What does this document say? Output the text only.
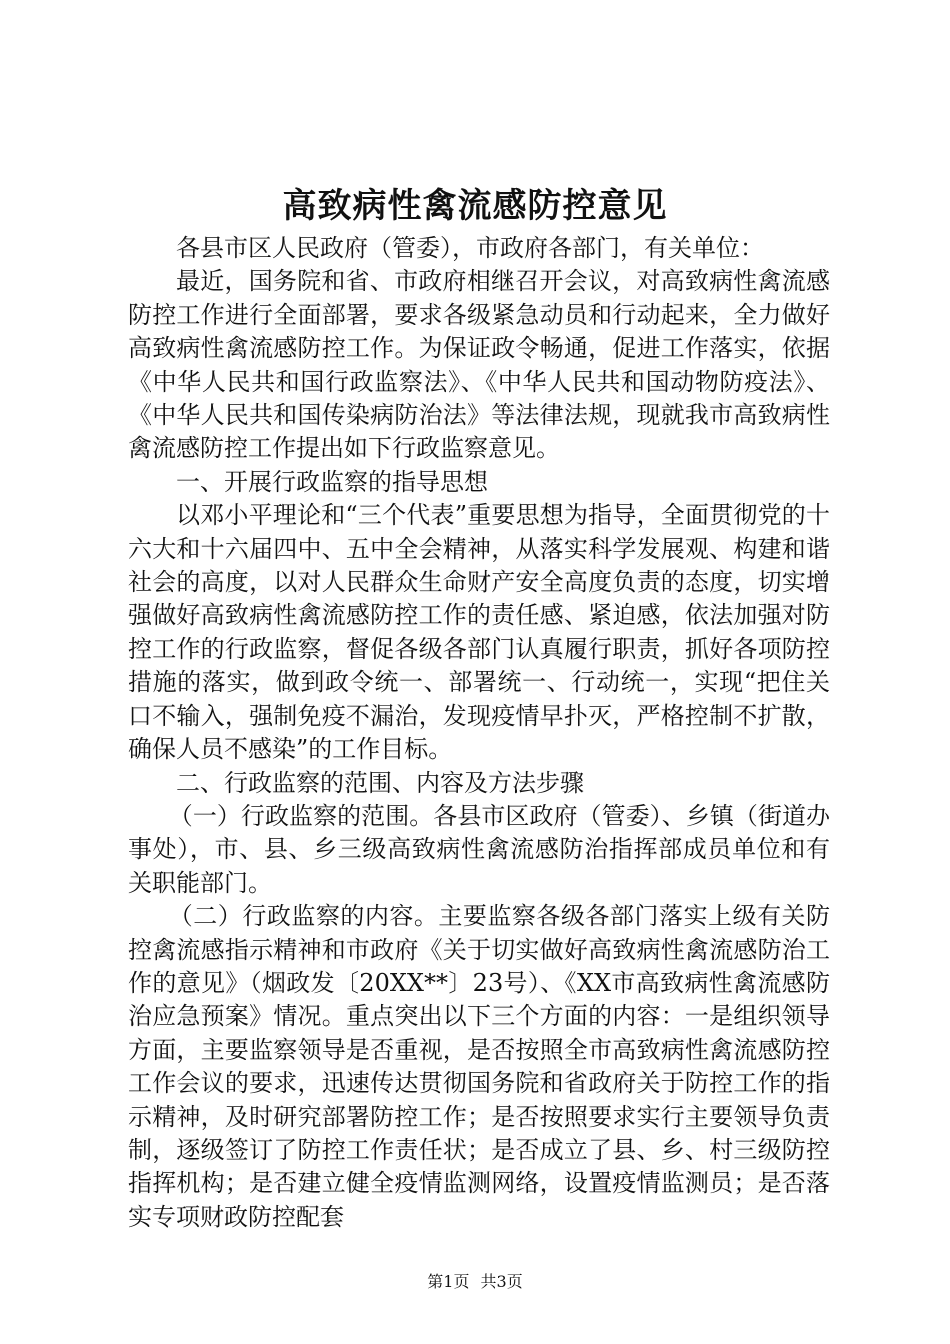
高致病性禽流感防控意见

各县市区人民政府（管委），市政府各部门，有关单位：

最近，国务院和省、市政府相继召开会议，对高致病性禽流感防控工作进行全面部署，要求各级紧急动员和行动起来，全力做好高致病性禽流感防控工作。为保证政令畅通，促进工作落实，依据《中华人民共和国行政监察法》、《中华人民共和国动物防疫法》、《中华人民共和国传染病防治法》等法律法规，现就我市高致病性禽流感防控工作提出如下行政监察意见。

一、开展行政监察的指导思想

以邓小平理论和“三个代表”重要思想为指导，全面贯彻党的十六大和十六届四中、五中全会精神，从落实科学发展观、构建和谐社会的高度，以对人民群众生命财产安全高度负责的态度，切实增强做好高致病性禽流感防控工作的责任感、紧迫感，依法加强对防控工作的行政监察，督促各级各部门认真履行职责，抓好各项防控措施的落实，做到政令统一、部署统一、行动统一，实现“把住关口不输入，强制免疫不漏治，发现疫情早扑灭，严格控制不扩散，确保人员不感染”的工作目标。

二、行政监察的范围、内容及方法步骤

（一）行政监察的范围。各县市区政府（管委）、乡镇（街道办事处），市、县、乡三级高致病性禽流感防治指挥部成员单位和有关职能部门。

（二）行政监察的内容。主要监察各级各部门落实上级有关防控禽流感指示精神和市政府《关于切实做好高致病性禽流感防治工作的意见》（烟政发〔20XX**〕23号）、《XX市高致病性禽流感防治应急预案》情况。重点突出以下三个方面的内容：一是组织领导方面，主要监察领导是否重视，是否按照全市高致病性禽流感防控工作会议的要求，迅速传达贯彻国务院和省政府关于防控工作的指示精神，及时研究部署防控工作；是否按照要求实行主要领导负责制，逐级签订了防控工作责任状；是否成立了县、乡、村三级防控指挥机构；是否建立健全疫情监测网络，设置疫情监测员；是否落实专项财政防控配套

第1页 共3页
